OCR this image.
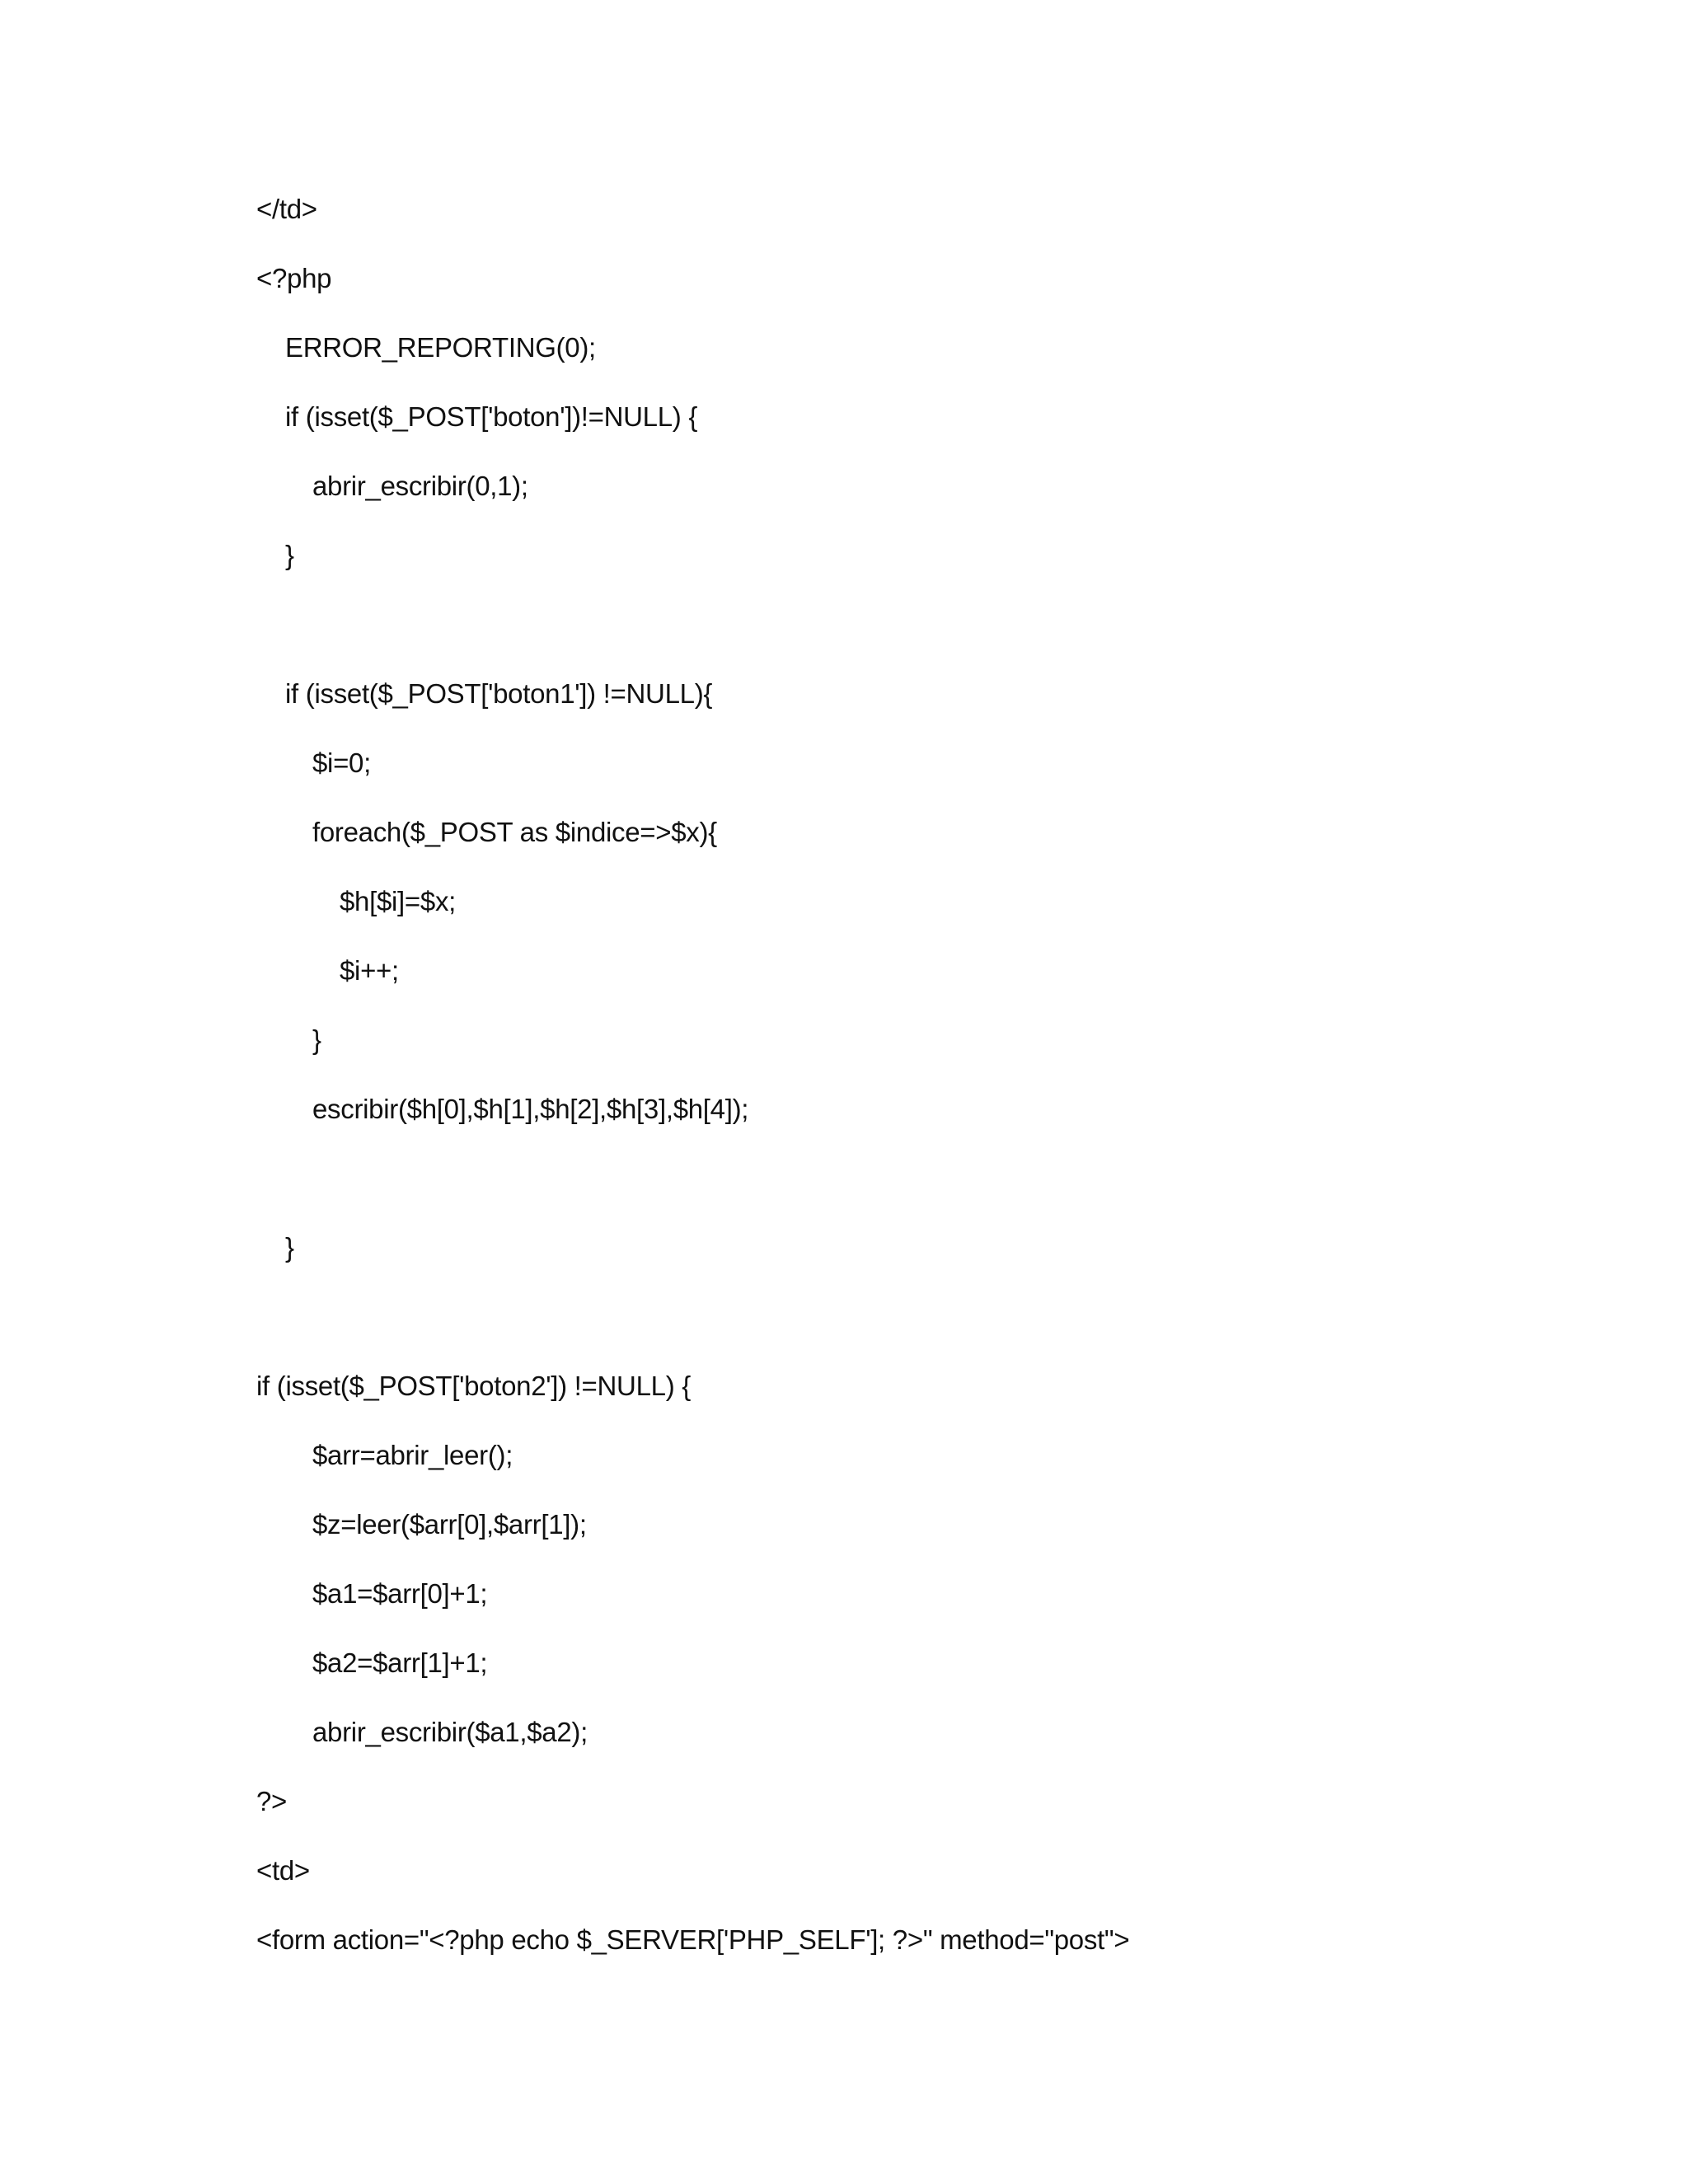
</td>
<?php
ERROR_REPORTING(0);
if (isset($_POST['boton'])!=NULL) {
abrir_escribir(0,1);
}
if (isset($_POST['boton1']) !=NULL){
$i=0;
foreach($_POST as $indice=>$x){
$h[$i]=$x;
$i++;
}
escribir($h[0],$h[1],$h[2],$h[3],$h[4]);
}
if (isset($_POST['boton2']) !=NULL) {
$arr=abrir_leer();
$z=leer($arr[0],$arr[1]);
$a1=$arr[0]+1;
$a2=$arr[1]+1;
abrir_escribir($a1,$a2);
?>
<td>
<form action="<?php echo $_SERVER['PHP_SELF']; ?>" method="post">
